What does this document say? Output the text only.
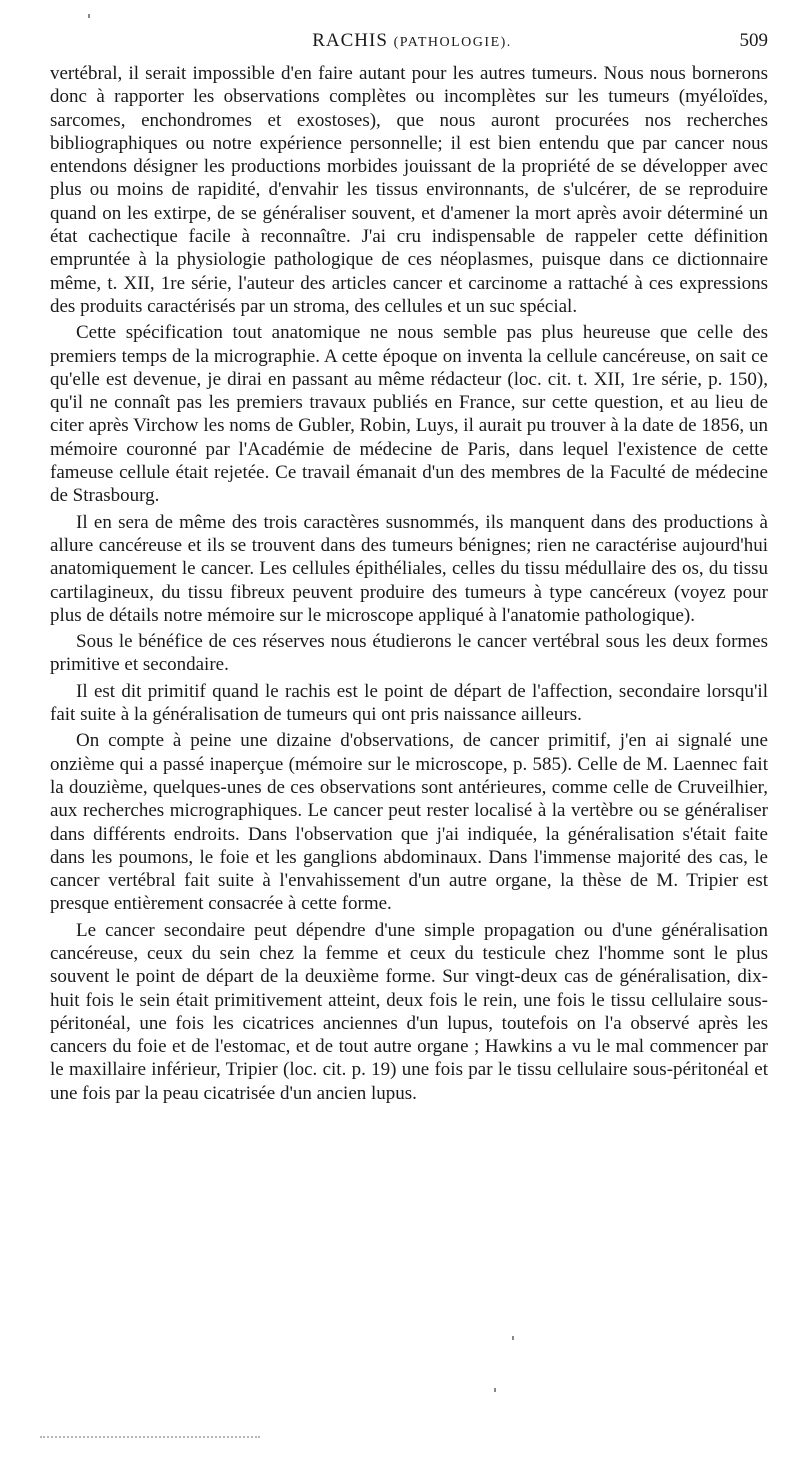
RACHIS (PATHOLOGIE).	509

vertébral, il serait impossible d'en faire autant pour les autres tumeurs. Nous nous bornerons donc à rapporter les observations complètes ou incomplètes sur les tumeurs (myéloïdes, sarcomes, enchondromes et exostoses), que nous auront procurées nos recherches bibliographiques ou notre expérience personnelle; il est bien entendu que par cancer nous entendons désigner les productions morbides jouissant de la propriété de se développer avec plus ou moins de rapidité, d'envahir les tissus environnants, de s'ulcérer, de se reproduire quand on les extirpe, de se généraliser souvent, et d'amener la mort après avoir déterminé un état cachectique facile à reconnaître. J'ai cru indispensable de rappeler cette définition empruntée à la physiologie pathologique de ces néoplasmes, puisque dans ce dictionnaire même, t. XII, 1re série, l'auteur des articles cancer et carcinome a rattaché à ces expressions des produits caractérisés par un stroma, des cellules et un suc spécial.

Cette spécification tout anatomique ne nous semble pas plus heureuse que celle des premiers temps de la micrographie. A cette époque on inventa la cellule cancéreuse, on sait ce qu'elle est devenue, je dirai en passant au même rédacteur (loc. cit. t. XII, 1re série, p. 150), qu'il ne connaît pas les premiers travaux publiés en France, sur cette question, et au lieu de citer après Virchow les noms de Gubler, Robin, Luys, il aurait pu trouver à la date de 1856, un mémoire couronné par l'Académie de médecine de Paris, dans lequel l'existence de cette fameuse cellule était rejetée. Ce travail émanait d'un des membres de la Faculté de médecine de Strasbourg.

Il en sera de même des trois caractères susnommés, ils manquent dans des productions à allure cancéreuse et ils se trouvent dans des tumeurs bénignes; rien ne caractérise aujourd'hui anatomiquement le cancer. Les cellules épithéliales, celles du tissu médullaire des os, du tissu cartilagineux, du tissu fibreux peuvent produire des tumeurs à type cancéreux (voyez pour plus de détails notre mémoire sur le microscope appliqué à l'anatomie pathologique).

Sous le bénéfice de ces réserves nous étudierons le cancer vertébral sous les deux formes primitive et secondaire.

Il est dit primitif quand le rachis est le point de départ de l'affection, secondaire lorsqu'il fait suite à la généralisation de tumeurs qui ont pris naissance ailleurs.

On compte à peine une dizaine d'observations, de cancer primitif, j'en ai signalé une onzième qui a passé inaperçue (mémoire sur le microscope, p. 585). Celle de M. Laennec fait la douzième, quelques-unes de ces observations sont antérieures, comme celle de Cruveilhier, aux recherches micrographiques. Le cancer peut rester localisé à la vertèbre ou se généraliser dans différents endroits. Dans l'observation que j'ai indiquée, la généralisation s'était faite dans les poumons, le foie et les ganglions abdominaux. Dans l'immense majorité des cas, le cancer vertébral fait suite à l'envahissement d'un autre organe, la thèse de M. Tripier est presque entièrement consacrée à cette forme.

Le cancer secondaire peut dépendre d'une simple propagation ou d'une généralisation cancéreuse, ceux du sein chez la femme et ceux du testicule chez l'homme sont le plus souvent le point de départ de la deuxième forme. Sur vingt-deux cas de généralisation, dix-huit fois le sein était primitivement atteint, deux fois le rein, une fois le tissu cellulaire sous-péritonéal, une fois les cicatrices anciennes d'un lupus, toutefois on l'a observé après les cancers du foie et de l'estomac, et de tout autre organe ; Hawkins a vu le mal commencer par le maxillaire inférieur, Tripier (loc. cit. p. 19) une fois par le tissu cellulaire sous-péritonéal et une fois par la peau cicatrisée d'un ancien lupus.
